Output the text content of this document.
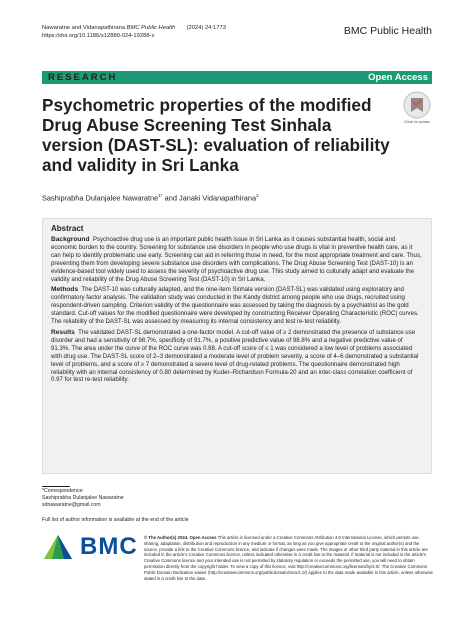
Nawaratne and Vidanapathirana BMC Public Health (2024) 24:1773
https://doi.org/10.1186/s12889-024-19288-x	BMC Public Health
RESEARCH	Open Access
Psychometric properties of the modified Drug Abuse Screening Test Sinhala version (DAST-SL): evaluation of reliability and validity in Sri Lanka
Check for updates
Sashiprabha Dulanjalee Nawaratne$^{1*}$ and Janaki Vidanapathirana$^2$
Abstract

Background Psychoactive drug use is an important public health issue in Sri Lanka as it causes substantial health, social and economic burden to the country. Screening for substance use disorders in people who use drugs is vital in preventive health care, as it can help to identify problematic use early. Screening can aid in referring those in need, for the most appropriate treatment and care. Thus, preventing them from developing severe substance use disorders with complications. The Drug Abuse Screening Test (DAST-10) is an evidence-based tool widely used to assess the severity of psychoactive drug use. This study aimed to culturally adapt and evaluate the validity and reliability of the Drug Abuse Screening Test (DAST-10) in Sri Lanka.

Methods The DAST-10 was culturally adapted, and the nine-item Sinhala version (DAST-SL) was validated using exploratory and confirmatory factor analysis. The validation study was conducted in the Kandy district among people who use drugs, recruited using respondent-driven sampling. Criterion validity of the questionnaire was assessed by taking the diagnosis by a psychiatrist as the gold standard. Cut-off values for the modified questionnaire were developed by constructing Receiver Operating Characteristic (ROC) curves. The reliability of the DAST-SL was assessed by measuring its internal consistency and test re-test reliability.

Results The validated DAST-SL demonstrated a one-factor model. A cut-off value of ≥ 2 demonstrated the presence of substance use disorder and had a sensitivity of 98.7%, specificity of 91.7%, a positive predictive value of 98.8% and a negative predictive value of 91.3%. The area under the curve of the ROC curve was 0.98. A cut-off score of ≤ 1 was considered a low level of problems associated with drug use. The DAST-SL score of 2–3 demonstrated a moderate level of problem severity, a score of 4–6 demonstrated a substantial level of problems, and a score of ≥ 7 demonstrated a severe level of drug-related problems. The questionnaire demonstrated high reliability with an internal consistency of 0.80 determined by Kuder–Richardson Formula-20 and an inter-class correlation coefficient of 0.97 for test re-test reliability.

*Correspondence:
Sashiprabha Dulanjalee Nawaratne
sdnawaratne@gmail.com
Full list of author information is available at the end of the article
BMC © The Author(s) 2024. Open Access This article is licensed under a Creative Commons Attribution 4.0 International License, which permits use, sharing, adaptation, distribution and reproduction in any medium or format, as long as you give appropriate credit to the original author(s) and the source, provide a link to the Creative Commons licence, and indicate if changes were made. The images or other third party material in this article are included in the article's Creative Commons licence, unless indicated otherwise in a credit line to the material. If material is not included in the article's Creative Commons licence and your intended use is not permitted by statutory regulation or exceeds the permitted use, you will need to obtain permission directly from the copyright holder. To view a copy of this licence, visit http://creativecommons.org/licenses/by/4.0/. The Creative Commons Public Domain Dedication waiver (http://creativecommons.org/publicdomain/zero/1.0/) applies to the data made available in this article, unless otherwise stated in a credit line to the data.
